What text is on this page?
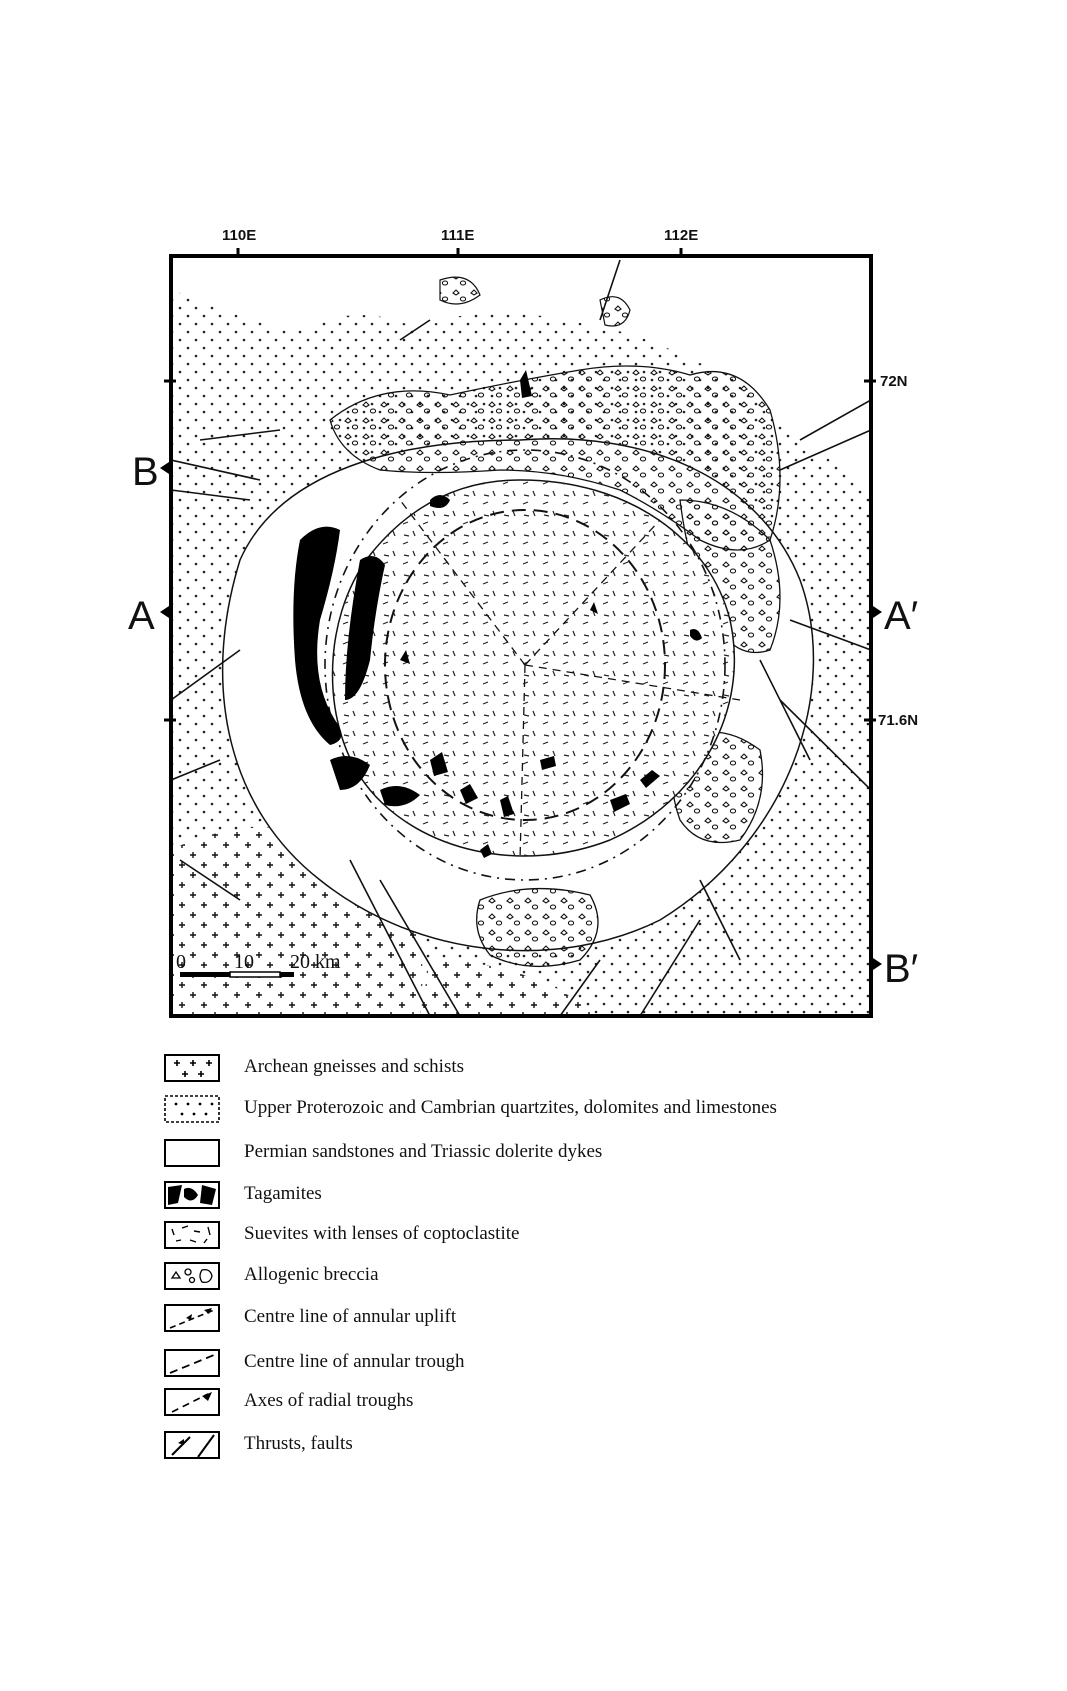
110E	111E	112E
72N
71.6N
B
A	A′
B′
0 10 20 km
Archean gneisses and schists
Upper Proterozoic and Cambrian quartzites, dolomites and limestones
Permian sandstones and Triassic dolerite dykes
Tagamites
Suevites with lenses of coptoclastite
Allogenic breccia
Centre line of annular uplift
Centre line of annular trough
Axes of radial troughs
Thrusts, faults
